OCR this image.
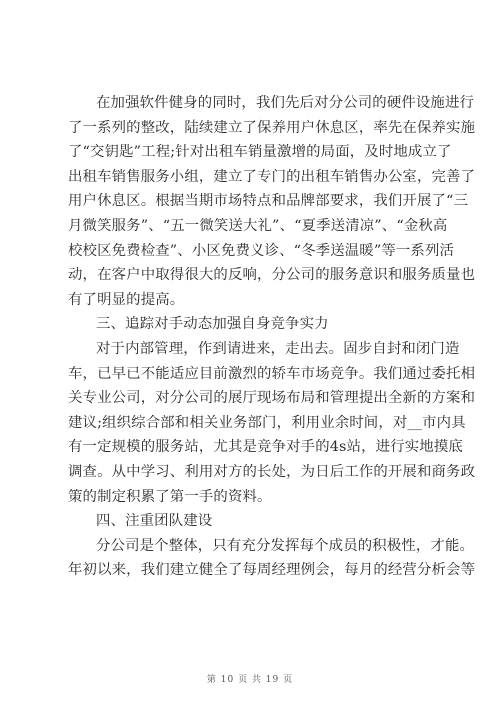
在加强软件健身的同时，我们先后对分公司的硬件设施进行
了一系列的整改，陆续建立了保养用户休息区，率先在保养实施
了“交钥匙”工程;针对出租车销量激增的局面，及时地成立了
出租车销售服务小组，建立了专门的出租车销售办公室，完善了
用户休息区。根据当期市场特点和品牌部要求，我们开展了“三
月微笑服务”、“五一微笑送大礼”、“夏季送清凉”、“金秋高
校校区免费检查”、小区免费义诊、“冬季送温暖”等一系列活
动，在客户中取得很大的反响，分公司的服务意识和服务质量也
有了明显的提高。
三、追踪对手动态加强自身竞争实力
对于内部管理，作到请进来，走出去。固步自封和闭门造
车，已早已不能适应目前激烈的轿车市场竞争。我们通过委托相
关专业公司，对分公司的展厅现场布局和管理提出全新的方案和
建议;组织综合部和相关业务部门，利用业余时间，对__市内具
有一定规模的服务站，尤其是竞争对手的4s站，进行实地摸底
调查。从中学习、利用对方的长处，为日后工作的开展和商务政
策的制定积累了第一手的资料。
四、注重团队建设
分公司是个整体，只有充分发挥每个成员的积极性，才能。
年初以来，我们建立健全了每周经理例会，每月的经营分析会等
第 10 页 共 19 页
